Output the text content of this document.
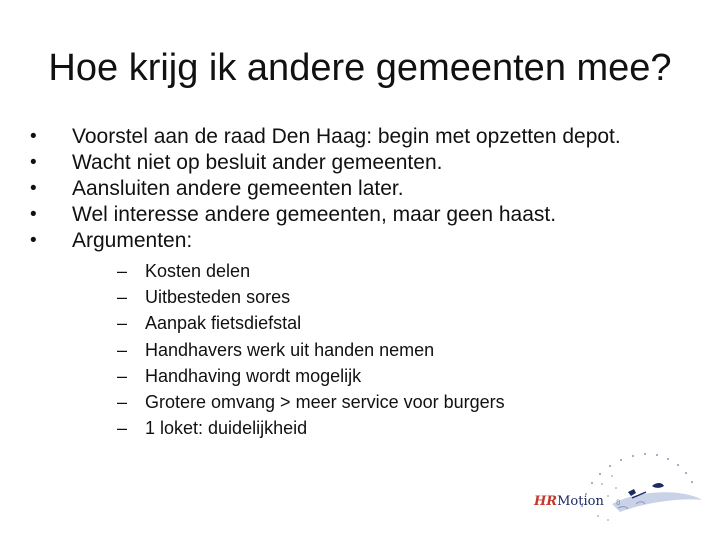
Hoe krijg ik andere gemeenten mee?
•	Voorstel aan de raad Den Haag: begin met opzetten depot.
•	Wacht niet op besluit ander gemeenten.
•	Aansluiten andere gemeenten later.
•	Wel interesse andere gemeenten, maar geen haast.
•	Argumenten:
– Kosten delen
– Uitbesteden sores
– Aanpak fietsdiefstal
– Handhavers werk uit handen nemen
– Handhaving wordt mogelijk
– Grotere omvang > meer service voor burgers
– 1 loket: duidelijkheid
HRMotion 8
